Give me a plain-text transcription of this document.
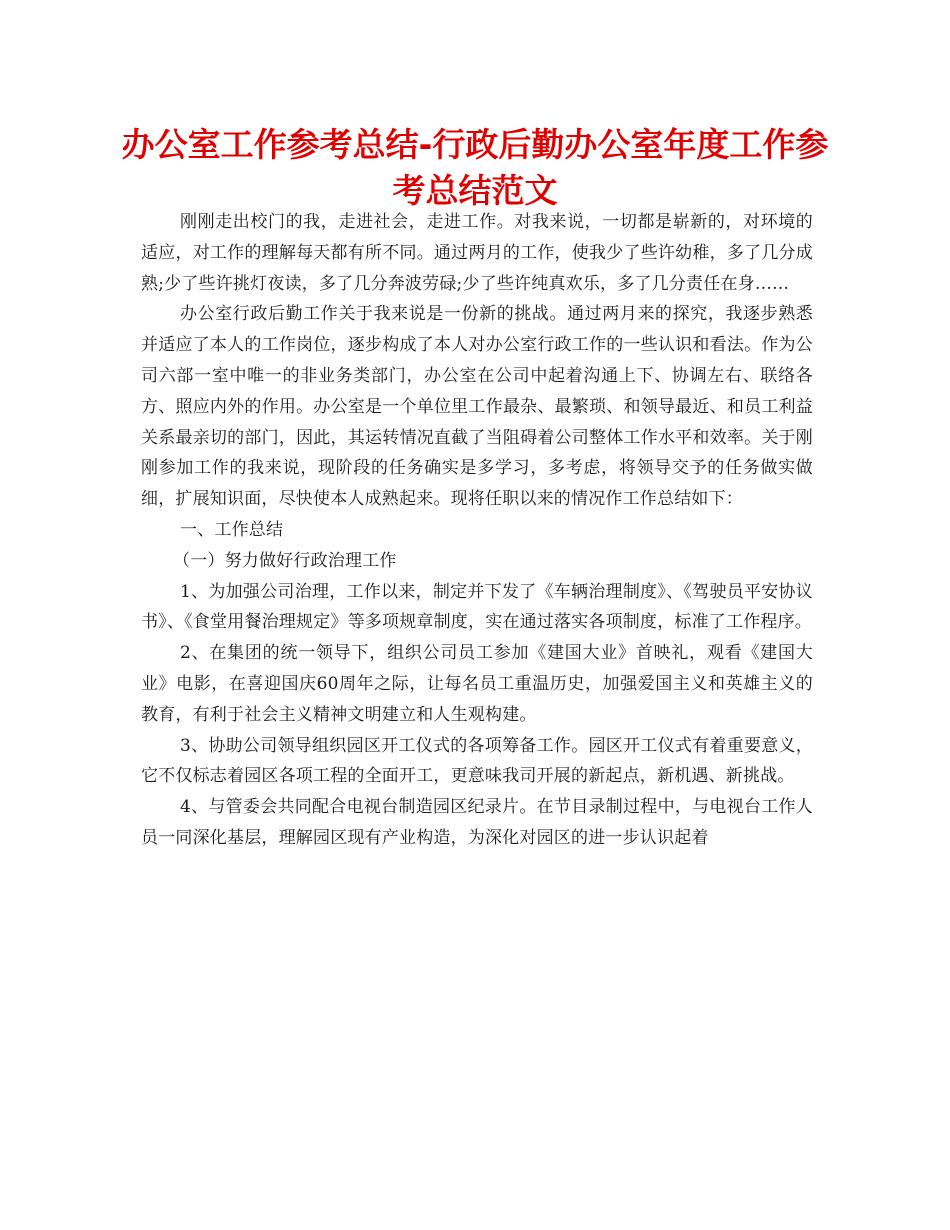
办公室工作参考总结-行政后勤办公室年度工作参考总结范文

刚刚走出校门的我，走进社会，走进工作。对我来说，一切都是崭新的，对环境的适应，对工作的理解每天都有所不同。通过两月的工作，使我少了些许幼稚，多了几分成熟;少了些许挑灯夜读，多了几分奔波劳碌;少了些许纯真欢乐，多了几分责任在身……

办公室行政后勤工作关于我来说是一份新的挑战。通过两月来的探究，我逐步熟悉并适应了本人的工作岗位，逐步构成了本人对办公室行政工作的一些认识和看法。作为公司六部一室中唯一的非业务类部门，办公室在公司中起着沟通上下、协调左右、联络各方、照应内外的作用。办公室是一个单位里工作最杂、最繁琐、和领导最近、和员工利益关系最亲切的部门，因此，其运转情况直截了当阻碍着公司整体工作水平和效率。关于刚刚参加工作的我来说，现阶段的任务确实是多学习，多考虑，将领导交予的任务做实做细，扩展知识面，尽快使本人成熟起来。现将任职以来的情况作工作总结如下：

一、工作总结

（一）努力做好行政治理工作

1、为加强公司治理，工作以来，制定并下发了《车辆治理制度》、《驾驶员平安协议书》、《食堂用餐治理规定》等多项规章制度，实在通过落实各项制度，标准了工作程序。

2、在集团的统一领导下，组织公司员工参加《建国大业》首映礼，观看《建国大业》电影，在喜迎国庆60周年之际，让每名员工重温历史，加强爱国主义和英雄主义的教育，有利于社会主义精神文明建立和人生观构建。

3、协助公司领导组织园区开工仪式的各项筹备工作。园区开工仪式有着重要意义，它不仅标志着园区各项工程的全面开工，更意味我司开展的新起点，新机遇、新挑战。

4、与管委会共同配合电视台制造园区纪录片。在节目录制过程中，与电视台工作人员一同深化基层，理解园区现有产业构造，为深化对园区的进一步认识起着
